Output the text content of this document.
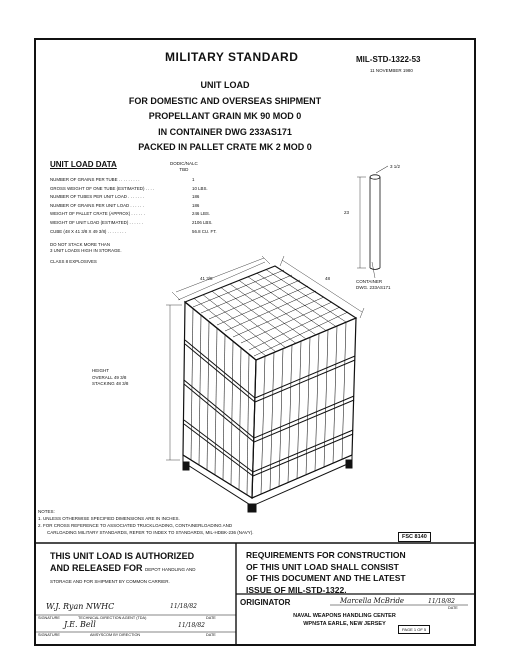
MILITARY STANDARD	MIL-STD-1322-53
11 NOVEMBER 1980
UNIT LOAD
FOR DOMESTIC AND OVERSEAS SHIPMENT
PROPELLANT GRAIN MK 90 MOD 0
IN CONTAINER DWG 233AS171
PACKED IN PALLET CRATE MK 2 MOD 0
UNIT LOAD DATA	DODIC/NALC
TBD
NUMBER OF GRAINS PER TUBE . . . . . . . . .	1
GROSS WEIGHT OF ONE TUBE (ESTIMATED) . . . .	10 LBS.
NUMBER OF TUBES PER UNIT LOAD . . . . . . .	186
NUMBER OF GRAINS PER UNIT LOAD . . . . . .	186
WEIGHT OF PALLET CRATE (APPROX) . . . . . .	246 LBS.
WEIGHT OF UNIT LOAD (ESTIMATED) . . . . . .	2106 LBS.
CUBE (48 X 41 3/8 X 49 3/8) . . . . . . . .	56.8 CU. FT.
DO NOT STACK MORE THAN
3 UNIT LOADS HIGH IN STORAGE.
CLASS 8 EXPLOSIVES
3 1/2
23
CONTAINER
DWG. 233AS171
41 3/8	48
HEIGHT
OVERALL 49 3/8
STACKING 48 3/8
NOTES:
1. UNLESS OTHERWISE SPECIFIED DIMENSIONS ARE IN INCHES.
2. FOR CROSS REFERENCE TO ASSOCIATED TRUCKLOADING, CONTAINERLOADING AND
CARLOADING MILITARY STANDARDS, REFER TO INDEX TO STANDARDS, MIL-HDBK-236 (NAVY).
FSC 8140
THIS UNIT LOAD IS AUTHORIZED
AND RELEASED FOR DEPOT HANDLING AND
STORAGE AND FOR SHIPMENT BY COMMON CARRIER.
W.J. Ryan NWHC	11/18/82
SIGNATURE	TECHNICAL DIRECTION AGENT (TDA)	DATE
J.E. Bell	11/18/82
SIGNATURE	AMSYSCOM BY DIRECTION	DATE
REQUIREMENTS FOR CONSTRUCTION
OF THIS UNIT LOAD SHALL CONSIST
OF THIS DOCUMENT AND THE LATEST
ISSUE OF MIL-STD-1322.
ORIGINATOR	Marcella McBride	11/18/82
DATE
NAVAL WEAPONS HANDLING CENTER
WPNSTA EARLE, NEW JERSEY
PAGE 1 OF 5
